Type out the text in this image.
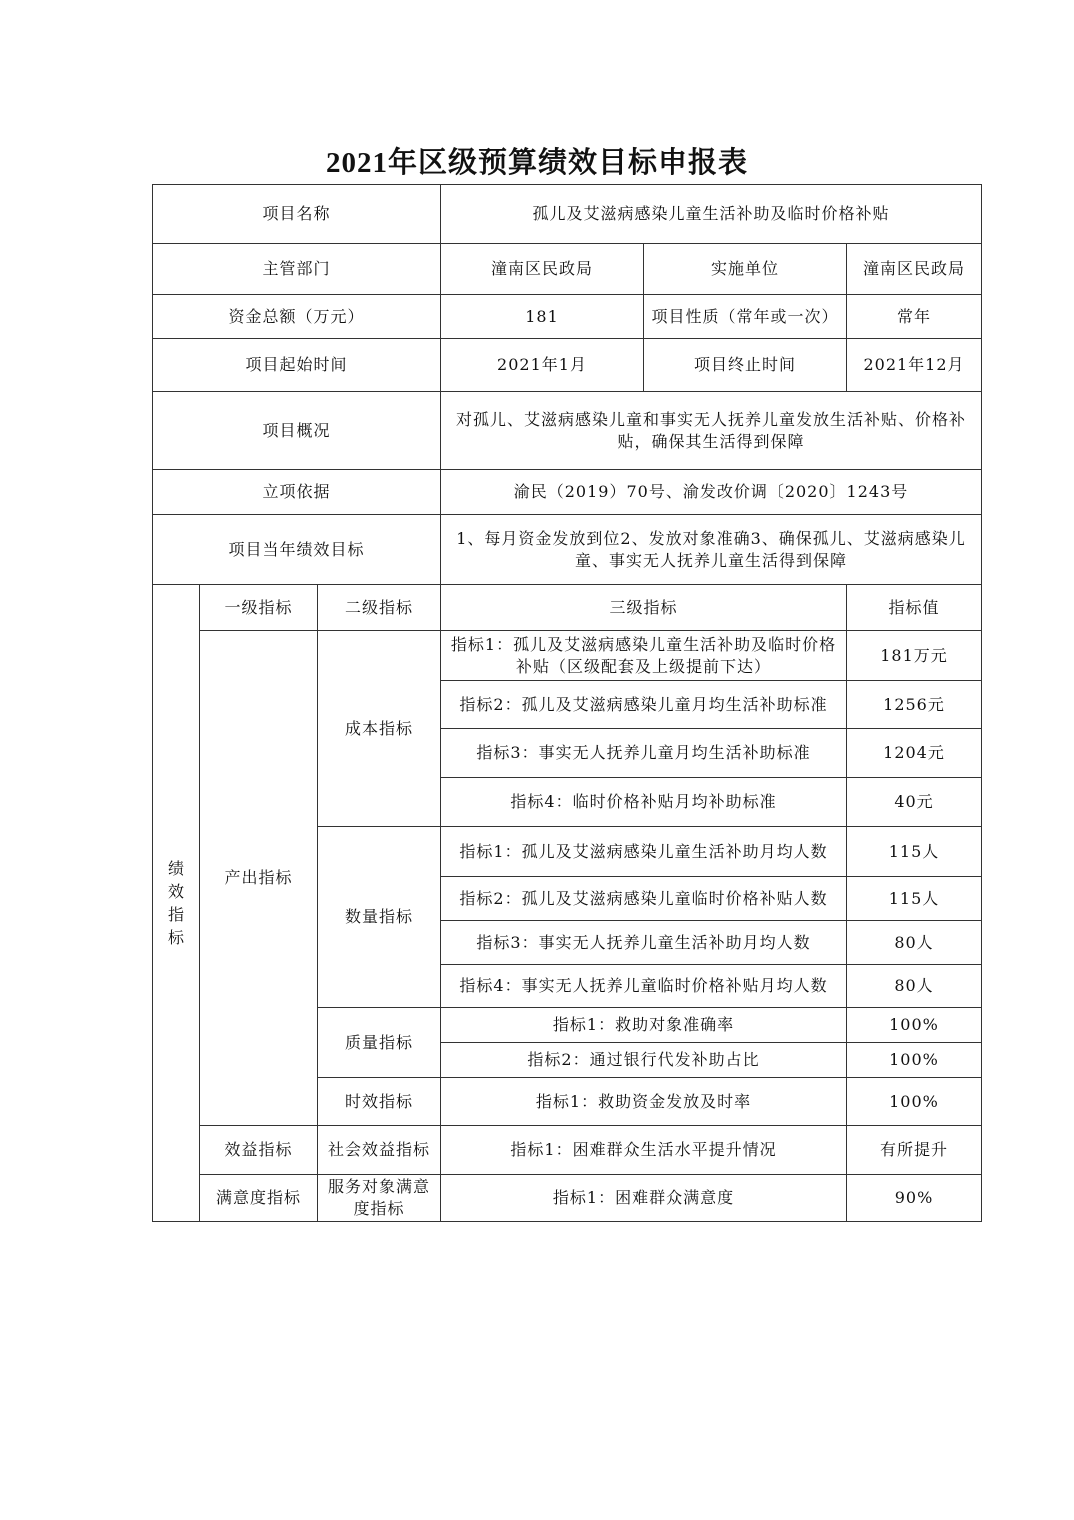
2021年区级预算绩效目标申报表
项目名称			孤儿及艾滋病感染儿童生活补助及临时价格补贴		
主管部门			潼南区民政局	实施单位	潼南区民政局
资金总额（万元）			181	项目性质（常年或一次）	常年
项目起始时间			2021年1月	项目终止时间	2021年12月
项目概况			对孤儿、艾滋病感染儿童和事实无人抚养儿童发放生活补贴、价格补贴，确保其生活得到保障		
立项依据			渝民（2019）70号、渝发改价调〔2020〕1243号		
项目当年绩效目标			1、每月资金发放到位2、发放对象准确3、确保孤儿、艾滋病感染儿童、事实无人抚养儿童生活得到保障		
绩效指标	一级指标	二级指标	三级指标		指标值
	产出指标	成本指标	指标1：孤儿及艾滋病感染儿童生活补助及临时价格补贴（区级配套及上级提前下达）		181万元
			指标2：孤儿及艾滋病感染儿童月均生活补助标准		1256元
			指标3：事实无人抚养儿童月均生活补助标准		1204元
			指标4：临时价格补贴月均补助标准		40元
		数量指标	指标1：孤儿及艾滋病感染儿童生活补助月均人数		115人
			指标2：孤儿及艾滋病感染儿童临时价格补贴人数		115人
			指标3：事实无人抚养儿童生活补助月均人数		80人
			指标4：事实无人抚养儿童临时价格补贴月均人数		80人
		质量指标	指标1：救助对象准确率		100%
			指标2：通过银行代发补助占比		100%
		时效指标	指标1：救助资金发放及时率		100%
	效益指标	社会效益指标	指标1：困难群众生活水平提升情况		有所提升
	满意度指标	服务对象满意度指标	指标1：困难群众满意度		90%
